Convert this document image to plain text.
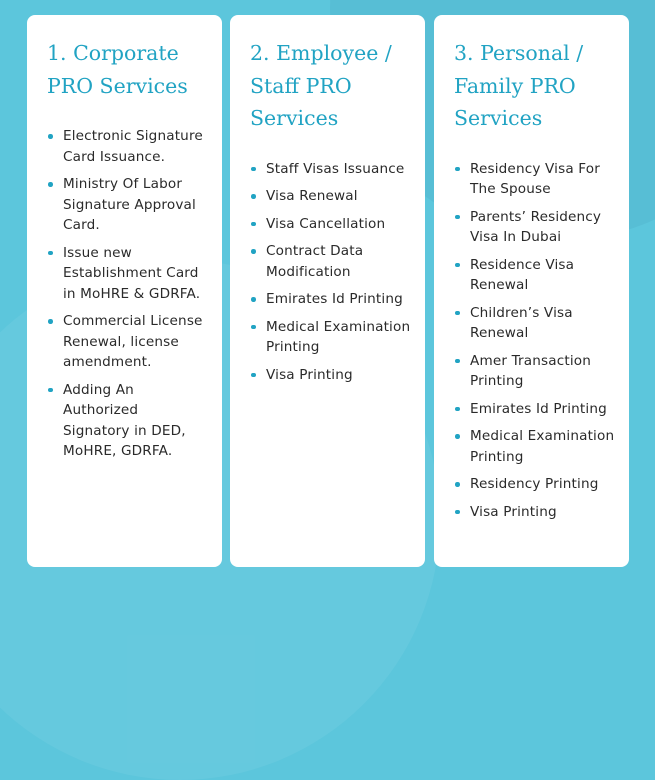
1. Corporate PRO Services
Electronic Signature Card Issuance.
Ministry Of Labor Signature Approval Card.
Issue new Establishment Card in MoHRE & GDRFA.
Commercial License Renewal, license amendment.
Adding An Authorized Signatory in DED, MoHRE, GDRFA.
2. Employee / Staff PRO Services
Staff Visas Issuance
Visa Renewal
Visa Cancellation
Contract Data Modification
Emirates Id Printing
Medical Examination Printing
Visa Printing
3. Personal / Family PRO Services
Residency Visa For The Spouse
Parents’ Residency Visa In Dubai
Residence Visa Renewal
Children’s Visa Renewal
Amer Transaction Printing
Emirates Id Printing
Medical Examination Printing
Residency Printing
Visa Printing
